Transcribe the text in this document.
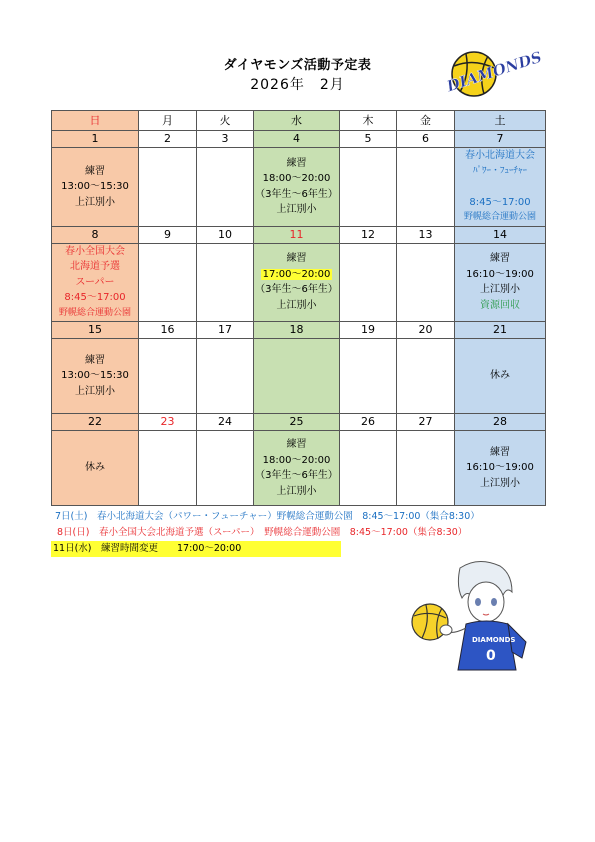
ダイヤモンズ活動予定表
2026年　2月	DIAMONDS
日	月	火	水	木	金	土
1	2	3	4	5	6	7

練習
13:00～15:30
上江別小			練習
18:00～20:00
（3年生～6年生）
上江別小			春小北海道大会
ﾊﾟﾜｰ・ﾌｭｰﾁｬｰ

8:45～17:00
野幌総合運動公園

8	9	10	11	12	13	14

春小全国大会
北海道予選
スーパー
8:45～17:00
野幌総合運動公園			練習
17:00～20:00
（3年生～6年生）
上江別小			練習
16:10～19:00
上江別小
資源回収

15	16	17	18	19	20	21

練習
13:00～15:30
上江別小						休み

22	23	24	25	26	27	28

休み			練習
18:00～20:00
（3年生～6年生）
上江別小			練習
16:10～19:00
上江別小
7日(土)　春小北海道大会（パワー・フューチャー）野幌総合運動公園　8:45～17:00（集合8:30）
8日(日)　春小全国大会北海道予選（スーパー）　野幌総合運動公園　8:45～17:00（集合8:30）
11日(水)　練習時間変更　　17:00～20:00
DIAMONDS
0
